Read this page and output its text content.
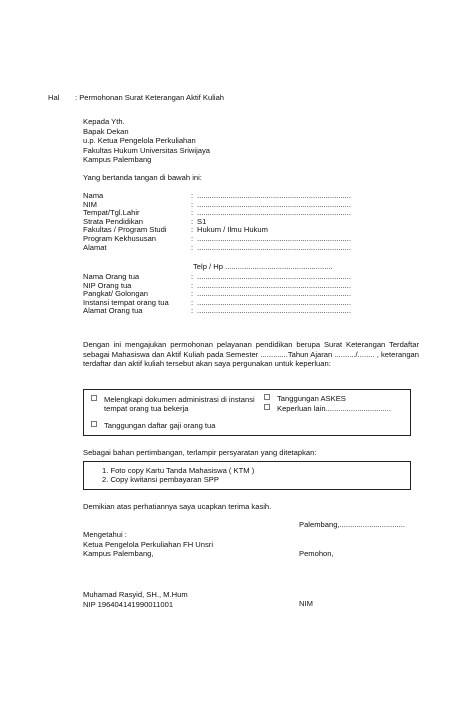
Hal : Permohonan Surat Keterangan Aktif Kuliah
Kepada Yth.
Bapak Dekan
u.p. Ketua Pengelola Perkuliahan
Fakultas Hukum Universitas Sriwijaya
Kampus Palembang
Yang bertanda tangan di bawah ini:
Nama	: .........................................................................
NIM	: .........................................................................
Tempat/Tgl.Lahir	: .........................................................................
Strata Pendidikan	: S1
Fakultas / Program Studi	: Hukum / Ilmu Hukum
Program Kekhususan	: .........................................................................
Alamat	: .........................................................................
Telp / Hp ...................................................
Nama Orang tua	: .........................................................................
NIP Orang tua	: .........................................................................
Pangkat/ Golongan	: .........................................................................
Instansi tempat orang tua	: .........................................................................
Alamat Orang tua	: .........................................................................
Dengan ini mengajukan permohonan pelayanan pendidikan berupa Surat Keterangan Terdaftar sebagai Mahasiswa dan Aktif Kuliah pada Semester .............Tahun Ajaran ........../........ , keterangan terdaftar dan aktif kuliah tersebut akan saya pergunakan untuk keperluan:
Melengkapi dokumen administrasi di instansi tempat orang tua bekerja
Tanggungan daftar gaji orang tua
Tanggungan ASKES
Keperluan lain...............................
Sebagai bahan pertimbangan, terlampir persyaratan yang ditetapkan:
1. Foto copy Kartu Tanda Mahasiswa ( KTM )
2. Copy kwitansi pembayaran SPP
Demikian atas perhatiannya saya ucapkan terima kasih.
Palembang,...............................
Mengetahui :
Ketua Pengelola Perkuliahan FH Unsri
Kampus Palembang,	Pemohon,
Muhamad Rasyid, SH., M.Hum
NIP 196404141990011001	NIM
